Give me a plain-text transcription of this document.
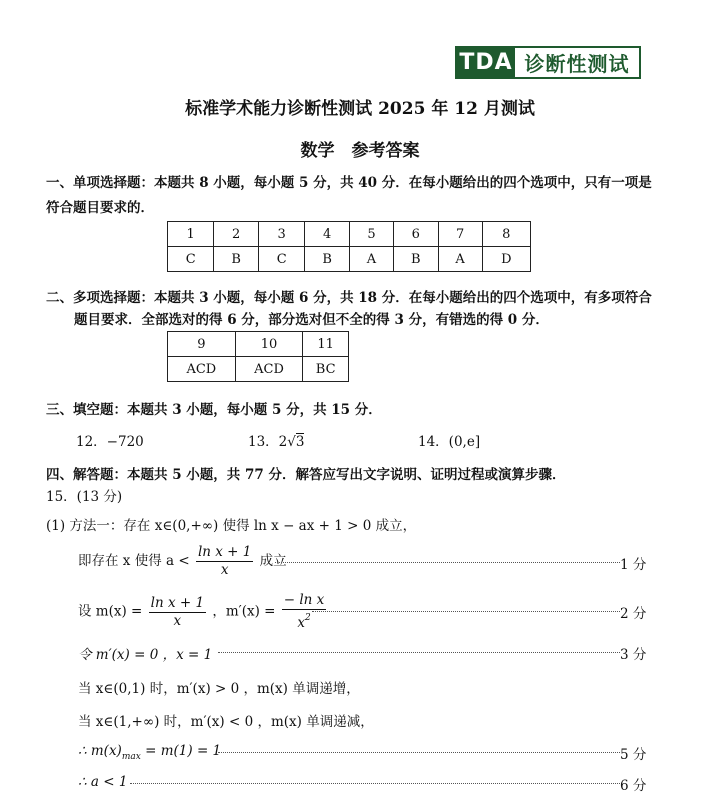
TDA 诊断性测试
标准学术能力诊断性测试 2025 年 12 月测试
数学　参考答案
一、单项选择题：本题共 8 小题，每小题 5 分，共 40 分．在每小题给出的四个选项中，只有一项是
符合题目要求的．
1	2	3	4	5	6	7	8
C	B	C	B	A	B	A	D
二、多项选择题：本题共 3 小题，每小题 6 分，共 18 分．在每小题给出的四个选项中，有多项符合
题目要求．全部选对的得 6 分，部分选对但不全的得 3 分，有错选的得 0 分．
9	10	11
ACD	ACD	BC
三、填空题：本题共 3 小题，每小题 5 分，共 15 分．
12．−720	13．2√3	14．(0,e]
四、解答题：本题共 5 小题，共 77 分．解答应写出文字说明、证明过程或演算步骤．
15．(13 分)
(1) 方法一：存在 x∈(0,+∞) 使得 ln x − ax + 1 > 0 成立，
即存在 x 使得 $a < \frac{\text{ln x + 1}}{x}$ 成立	1 分
设 $m(x) = \frac{\text{ln x + 1}}{x}$ ，$m'(x) = \frac{\text{− ln x}}{x^2}$	2 分
令 m′(x) = 0 ，x = 1	3 分
当 x∈(0,1) 时，m′(x) > 0 ，m(x) 单调递增，
当 x∈(1,+∞) 时，m′(x) < 0 ，m(x) 单调递减，
∴ $m(x)_{max} = m(1) = 1$	5 分
∴ a < 1	6 分
